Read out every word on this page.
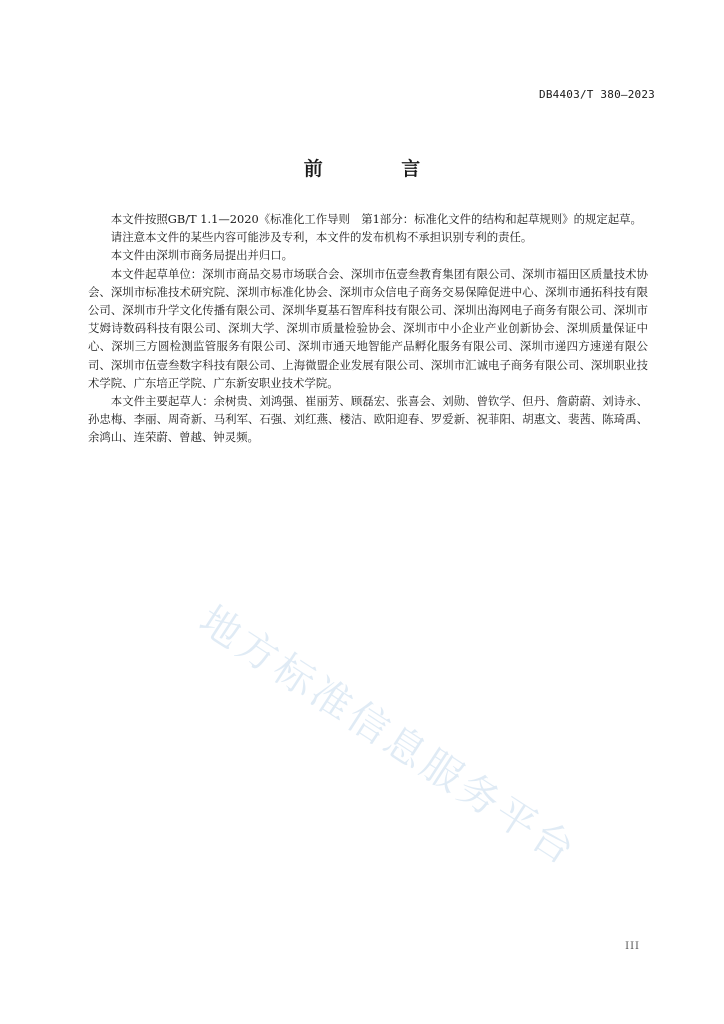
DB4403/T 380—2023
前 言

本文件按照GB/T 1.1—2020《标准化工作导则　第1部分：标准化文件的结构和起草规则》的规定起草。

请注意本文件的某些内容可能涉及专利，本文件的发布机构不承担识别专利的责任。

本文件由深圳市商务局提出并归口。

本文件起草单位：深圳市商品交易市场联合会、深圳市伍壹叁教育集团有限公司、深圳市福田区质量技术协会、深圳市标准技术研究院、深圳市标准化协会、深圳市众信电子商务交易保障促进中心、深圳市通拓科技有限公司、深圳市升学文化传播有限公司、深圳华夏基石智库科技有限公司、深圳出海网电子商务有限公司、深圳市艾姆诗数码科技有限公司、深圳大学、深圳市质量检验协会、深圳市中小企业产业创新协会、深圳质量保证中心、深圳三方圆检测监管服务有限公司、深圳市通天地智能产品孵化服务有限公司、深圳市递四方速递有限公司、深圳市伍壹叁数字科技有限公司、上海微盟企业发展有限公司、深圳市汇诚电子商务有限公司、深圳职业技术学院、广东培正学院、广东新安职业技术学院。

本文件主要起草人：余树贵、刘鸿强、崔丽芳、顾磊宏、张喜会、刘勋、曾钦学、但丹、詹蔚蔚、刘诗永、孙忠梅、李丽、周奇新、马利军、石强、刘红燕、楼洁、欧阳迎春、罗爱新、祝菲阳、胡惠文、裴茜、陈琦禹、余鸿山、连荣蔚、曾越、钟灵频。

地方标准信息服务平台
III
